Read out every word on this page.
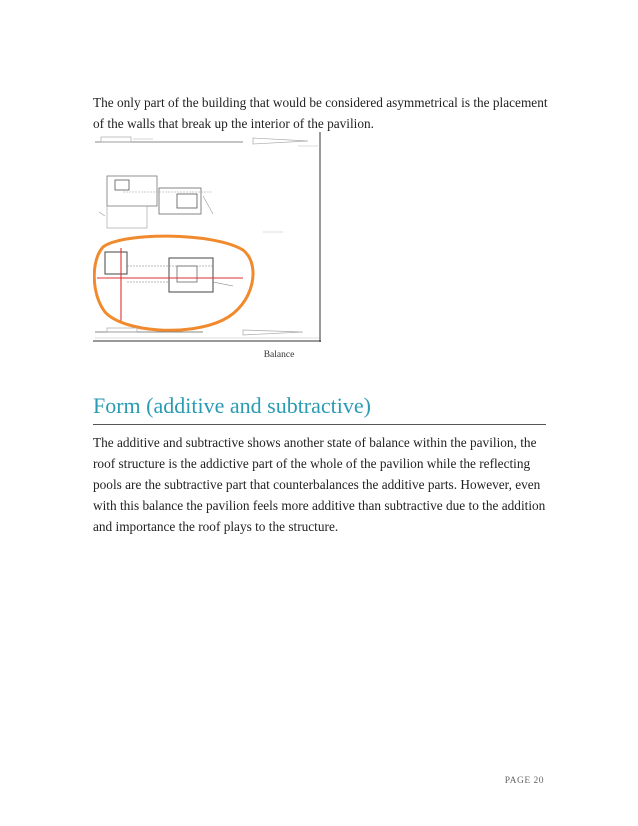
The only part of the building that would be considered asymmetrical is the placement of the walls that break up the interior of the pavilion.

Balance
Form (additive and subtractive)

The additive and subtractive shows another state of balance within the pavilion, the roof structure is the addictive part of the whole of the pavilion while the reflecting pools are the subtractive part that counterbalances the additive parts. However, even with this balance the pavilion feels more additive than subtractive due to the addition and importance the roof plays to the structure.

PAGE 20
